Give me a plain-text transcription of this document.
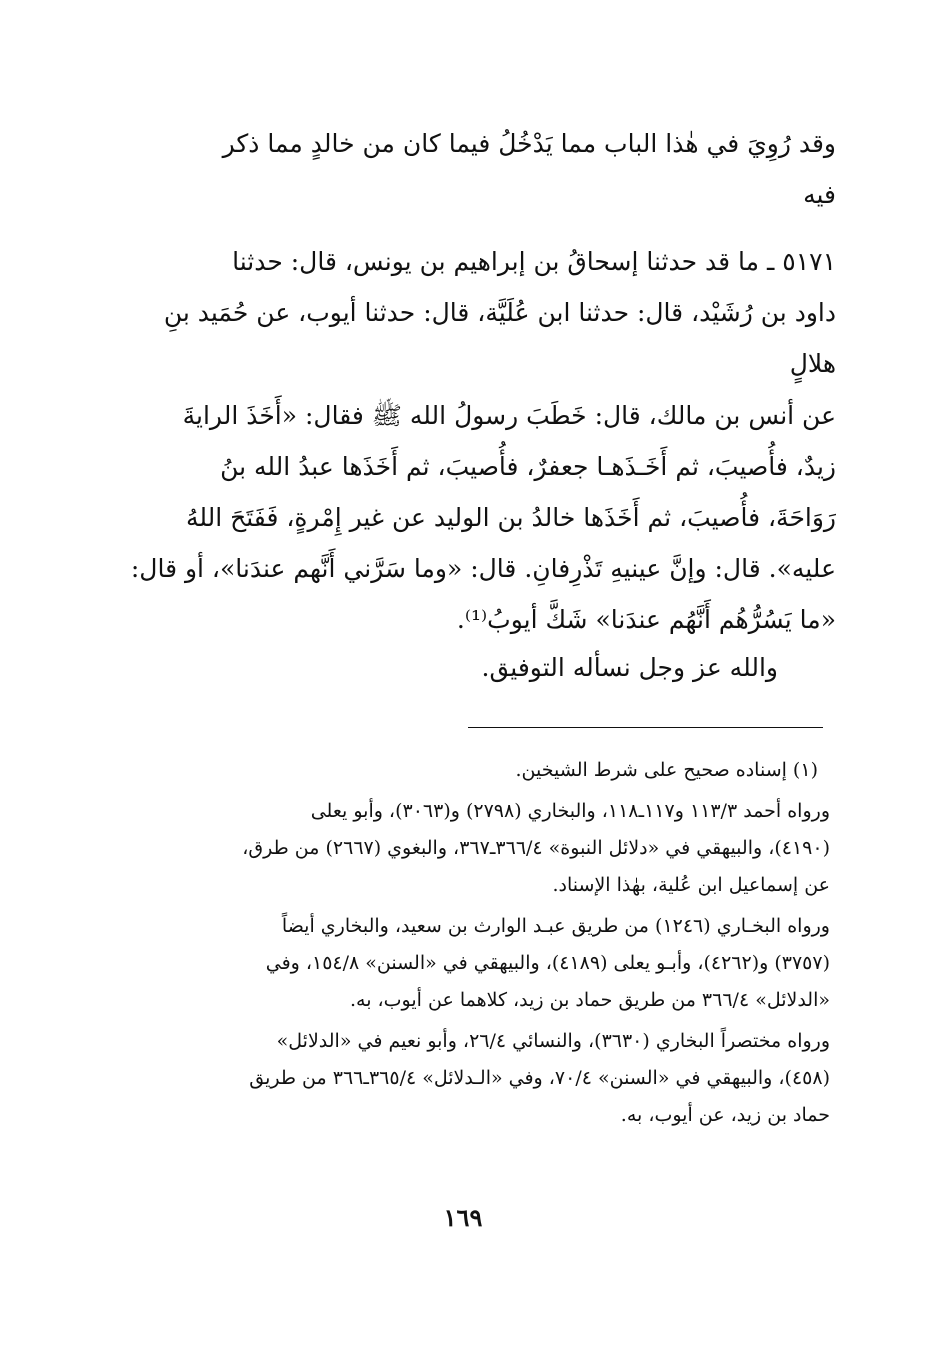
وقد رُوِيَ في هٰذا الباب مما يَدْخُلُ فيما كان من خالدٍ مما ذكر
فيه
٥١٧١ ـ ما قد حدثنا إسحاقُ بن إبراهيم بن يونس، قال: حدثنا
داود بن رُشَيْد، قال: حدثنا ابن عُلَيَّة، قال: حدثنا أيوب، عن حُمَيد بنِ
هلالٍ
عن أنس بن مالك، قال: خَطَبَ رسولُ الله ﷺ فقال: «أَخَذَ الرايةَ
زيدٌ، فأُصيبَ، ثم أَخَـذَهـا جعفرٌ، فأُصيبَ، ثم أَخَذَها عبدُ الله بنُ
رَوَاحَةَ، فأُصيبَ، ثم أَخَذَها خالدُ بن الوليد عن غير إِمْرةٍ، فَفَتَحَ اللهُ
عليه». قال: وإنَّ عينيهِ تَذْرِفانِ. قال: «وما سَرَّني أَنَّهم عندَنا»، أو قال:
«ما يَسُرُّهُم أَنَّهُم عندَنا» شَكَّ أيوبُ⁽¹⁾.
والله عز وجل نسأله التوفيق.
(١) إسناده صحيح على شرط الشيخين.
ورواه أحمد ١١٣/٣ و١١٧ـ١١٨، والبخاري (٢٧٩٨) و(٣٠٦٣)، وأبو يعلى
(٤١٩٠)، والبيهقي في «دلائل النبوة» ٣٦٦/٤ـ٣٦٧، والبغوي (٢٦٦٧) من طرق،
عن إسماعيل ابن عُلية، بهٰذا الإسناد.
ورواه البخـاري (١٢٤٦) من طريق عبـد الوارث بن سعيد، والبخاري أيضاً
(٣٧٥٧) و(٤٢٦٢)، وأبـو يعلى (٤١٨٩)، والبيهقي في «السنن» ١٥٤/٨، وفي
«الدلائل» ٣٦٦/٤ من طريق حماد بن زيد، كلاهما عن أيوب، به.
ورواه مختصراً البخاري (٣٦٣٠)، والنسائي ٢٦/٤، وأبو نعيم في «الدلائل»
(٤٥٨)، والبيهقي في «السنن» ٧٠/٤، وفي «الـدلائل» ٣٦٥/٤ـ٣٦٦ من طريق
حماد بن زيد، عن أيوب، به.
١٦٩
